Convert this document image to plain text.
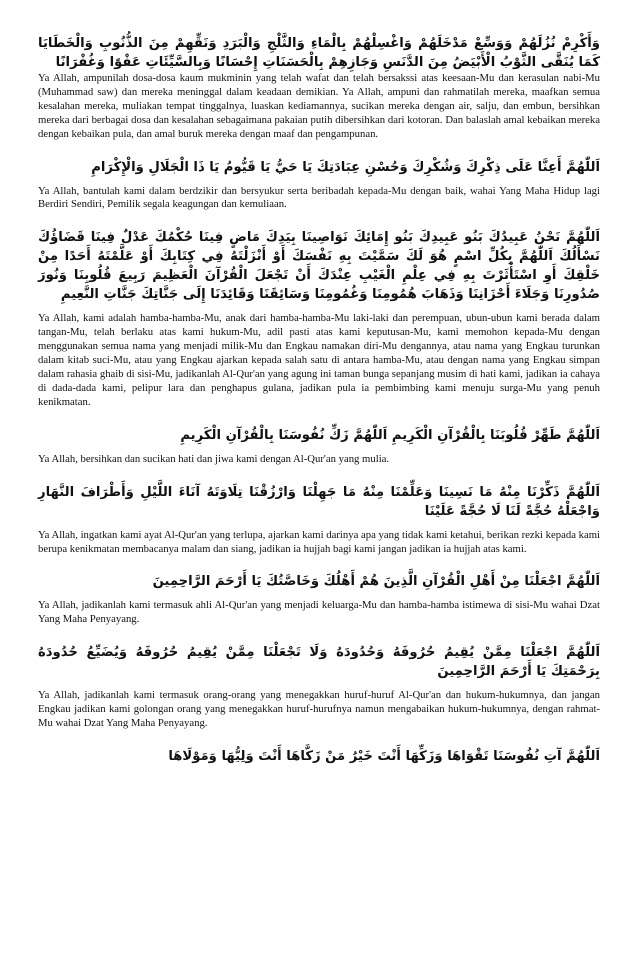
وَأَكْرِمْ نُزُلَهُمْ وَوَسِّعْ مَدْخَلَهُمْ وَاغْسِلْهُمْ بِالْمَاءِ وَالثَّلْجِ وَالْبَرَدِ وَنَقِّهِمْ مِنَ الذُّنُوبِ وَالْخَطَايَا كَمَا يُنَقَّى الثَّوْبُ الْأَبْيَضُ مِنَ الدَّنَسِ وَجَازِهِمْ بِالْحَسَنَاتِ إِحْسَانًا وَبِالسَّيِّئَاتِ عَفْوًا وَغُفْرَانًا

Ya Allah, ampunilah dosa-dosa kaum mukminin yang telah wafat dan telah bersakssi atas keesaan-Mu dan kerasulan nabi-Mu (Muhammad saw) dan mereka meninggal dalam keadaan demikian. Ya Allah, ampuni dan rahmatilah mereka, maafkan semua kesalahan mereka, muliakan tempat tinggalnya, luaskan kediamannya, sucikan mereka dengan air, salju, dan embun, bersihkan mereka dari berbagai dosa dan kesalahan sebagaimana pakaian putih dibersihkan dari kotoran. Dan balaslah amal kebaikan mereka dengan kebaikan pula, dan amal buruk mereka dengan maaf dan pengampunan.

اَللّٰهُمَّ أَعِنَّا عَلَى ذِكْرِكَ وَشُكْرِكَ وَحُسْنِ عِبَادَتِكَ يَا حَيُّ يَا قَيُّومُ يَا ذَا الْجَلَالِ وَالْإِكْرَامِ

Ya Allah, bantulah kami dalam berdzikir dan bersyukur serta beribadah kepada-Mu dengan baik, wahai Yang Maha Hidup lagi Berdiri Sendiri, Pemilik segala keagungan dan kemuliaan.

اَللّٰهُمَّ نَحْنُ عَبِيدُكَ بَنُو عَبِيدِكَ بَنُو إِمَائِكَ نَوَاصِينَا بِيَدِكَ مَاضٍ فِينَا حُكْمُكَ عَدْلٌ فِينَا قَضَاؤُكَ نَسْأَلُكَ اَللّٰهُمَّ بِكُلِّ اسْمٍ هُوَ لَكَ سَمَّيْتَ بِهِ نَفْسَكَ أَوْ أَنْزَلْتَهُ فِي كِتَابِكَ أَوْ عَلَّمْتَهُ أَحَدًا مِنْ خَلْقِكَ أَوِ اسْتَأْثَرْتَ بِهِ فِي عِلْمِ الْغَيْبِ عِنْدَكَ أَنْ تَجْعَلَ الْقُرْآنَ الْعَظِيمَ رَبِيعَ قُلُوبِنَا وَنُورَ صُدُورِنَا وَجَلَاءَ أَحْزَانِنَا وَذَهَابَ هُمُومِنَا وَغُمُومِنَا وَسَائِقَنَا وَقَائِدَنَا إِلَى جَنَّاتِكَ جَنَّاتِ النَّعِيمِ

Ya Allah, kami adalah hamba-hamba-Mu, anak dari hamba-hamba-Mu laki-laki dan perempuan, ubun-ubun kami berada dalam tangan-Mu, telah berlaku atas kami hukum-Mu, adil pasti atas kami keputusan-Mu, kami memohon kepada-Mu dengan menggunakan semua nama yang menjadi milik-Mu dan Engkau namakan diri-Mu dengannya, atau nama yang Engkau turunkan dalam kitab suci-Mu, atau yang Engkau ajarkan kepada salah satu di antara hamba-Mu, atau dengan nama yang Engkau simpan dalam rahasia ghaib di sisi-Mu, jadikanlah Al-Qur'an yang agung ini taman bunga sepanjang musim di hati kami, jadikan ia cahaya di dada-dada kami, pelipur lara dan penghapus gulana, jadikan pula ia pembimbing kami menuju surga-Mu yang penuh kenikmatan.

اَللّٰهُمَّ طَهِّرْ قُلُوبَنَا بِالْقُرْآنِ الْكَرِيمِ اَللّٰهُمَّ زَكِّ نُفُوسَنَا بِالْقُرْآنِ الْكَرِيمِ

Ya Allah, bersihkan dan sucikan hati dan jiwa kami dengan Al-Qur'an yang mulia.

اَللّٰهُمَّ ذَكِّرْنَا مِنْهُ مَا نَسِينَا وَعَلِّمْنَا مِنْهُ مَا جَهِلْنَا وَارْزُقْنَا تِلَاوَتَهُ آنَاءَ اللَّيْلِ وَأَطْرَافَ النَّهَارِ وَاجْعَلْهُ حُجَّةً لَنَا لَا حُجَّةً عَلَيْنَا

Ya Allah, ingatkan kami ayat Al-Qur'an yang terlupa, ajarkan kami darinya apa yang tidak kami ketahui, berikan rezki kepada kami berupa kenikmatan membacanya malam dan siang, jadikan ia hujjah bagi kami jangan jadikan ia hujjah atas kami.

اَللّٰهُمَّ اجْعَلْنَا مِنْ أَهْلِ الْقُرْآنِ الَّذِينَ هُمْ أَهْلُكَ وَخَاصَّتُكَ يَا أَرْحَمَ الرَّاحِمِينَ

Ya Allah, jadikanlah kami termasuk ahli Al-Qur'an yang menjadi keluarga-Mu dan hamba-hamba istimewa di sisi-Mu wahai Dzat Yang Maha Penyayang.

اَللّٰهُمَّ اجْعَلْنَا مِمَّنْ يُقِيمُ حُرُوفَهُ وَحُدُودَهُ وَلَا تَجْعَلْنَا مِمَّنْ يُقِيمُ حُرُوفَهُ وَيُضَيِّعُ حُدُودَهُ بِرَحْمَتِكَ يَا أَرْحَمَ الرَّاحِمِينَ

Ya Allah, jadikanlah kami termasuk orang-orang yang menegakkan huruf-huruf Al-Qur'an dan hukum-hukumnya, dan jangan Engkau jadikan kami golongan orang yang menegakkan huruf-hurufnya namun mengabaikan hukum-hukumnya, dengan rahmat-Mu wahai Dzat Yang Maha Penyayang.

اَللّٰهُمَّ آتِ نُفُوسَنَا تَقْوَاهَا وَزَكِّهَا أَنْتَ خَيْرُ مَنْ زَكَّاهَا أَنْتَ وَلِيُّهَا وَمَوْلَاهَا
